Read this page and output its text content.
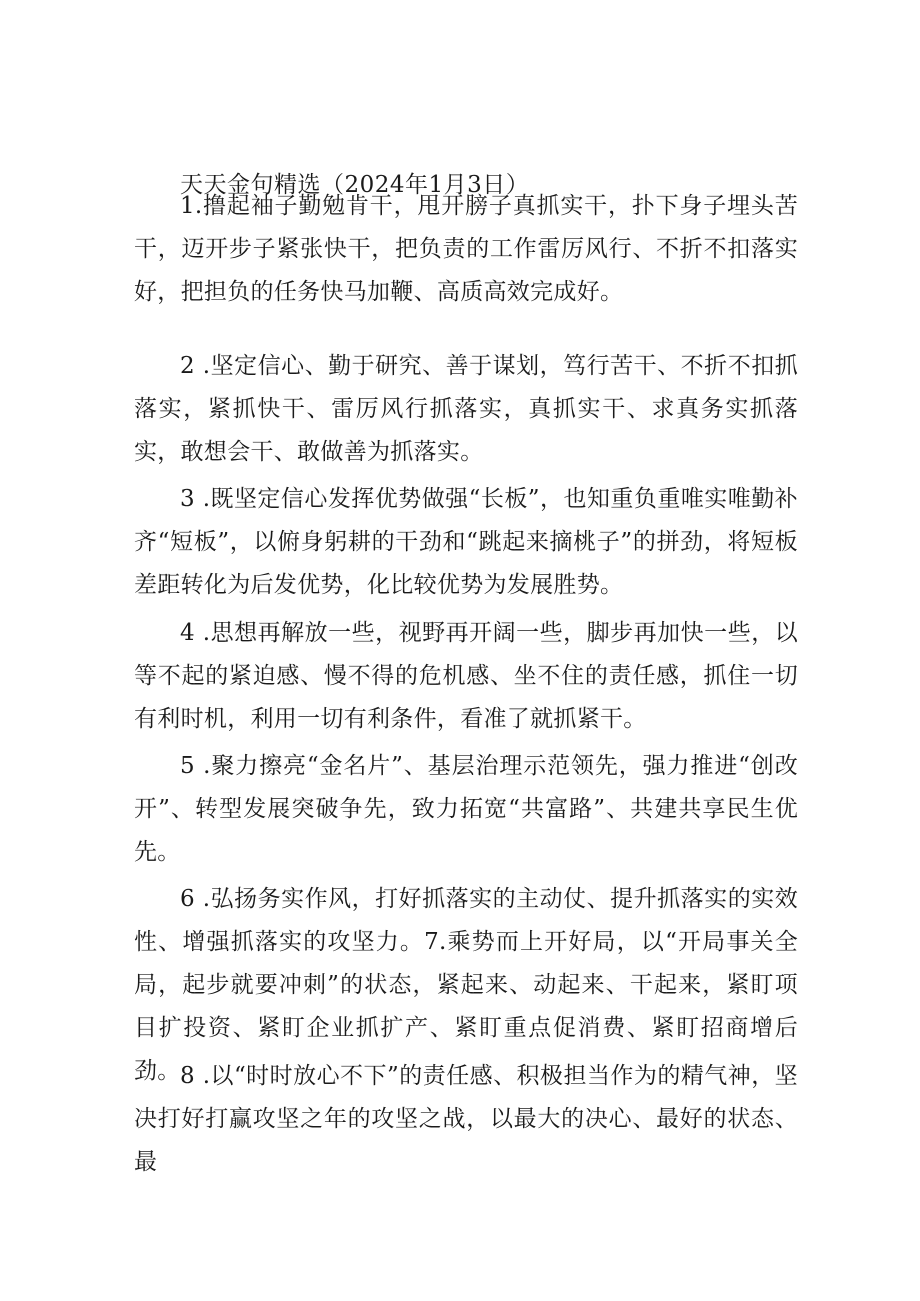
天天金句精选（2024年1月3日）

1.撸起袖子勤勉肯干，甩开膀子真抓实干，扑下身子埋头苦干，迈开步子紧张快干，把负责的工作雷厉风行、不折不扣落实好，把担负的任务快马加鞭、高质高效完成好。

2 .坚定信心、勤于研究、善于谋划，笃行苦干、不折不扣抓落实，紧抓快干、雷厉风行抓落实，真抓实干、求真务实抓落实，敢想会干、敢做善为抓落实。

3 .既坚定信心发挥优势做强“长板”，也知重负重唯实唯勤补齐“短板”，以俯身躬耕的干劲和“跳起来摘桃子”的拼劲，将短板差距转化为后发优势，化比较优势为发展胜势。

4 .思想再解放一些，视野再开阔一些，脚步再加快一些，以等不起的紧迫感、慢不得的危机感、坐不住的责任感，抓住一切有利时机，利用一切有利条件，看准了就抓紧干。

5 .聚力擦亮“金名片”、基层治理示范领先，强力推进“创改开”、转型发展突破争先，致力拓宽“共富路”、共建共享民生优先。

6 .弘扬务实作风，打好抓落实的主动仗、提升抓落实的实效性、增强抓落实的攻坚力。7.乘势而上开好局，以“开局事关全局，起步就要冲刺”的状态，紧起来、动起来、干起来，紧盯项目扩投资、紧盯企业抓扩产、紧盯重点促消费、紧盯招商增后劲。 8 .以“时时放心不下”的责任感、积极担当作为的精气神，坚决打好打赢攻坚之年的攻坚之战，以最大的决心、最好的状态、最
